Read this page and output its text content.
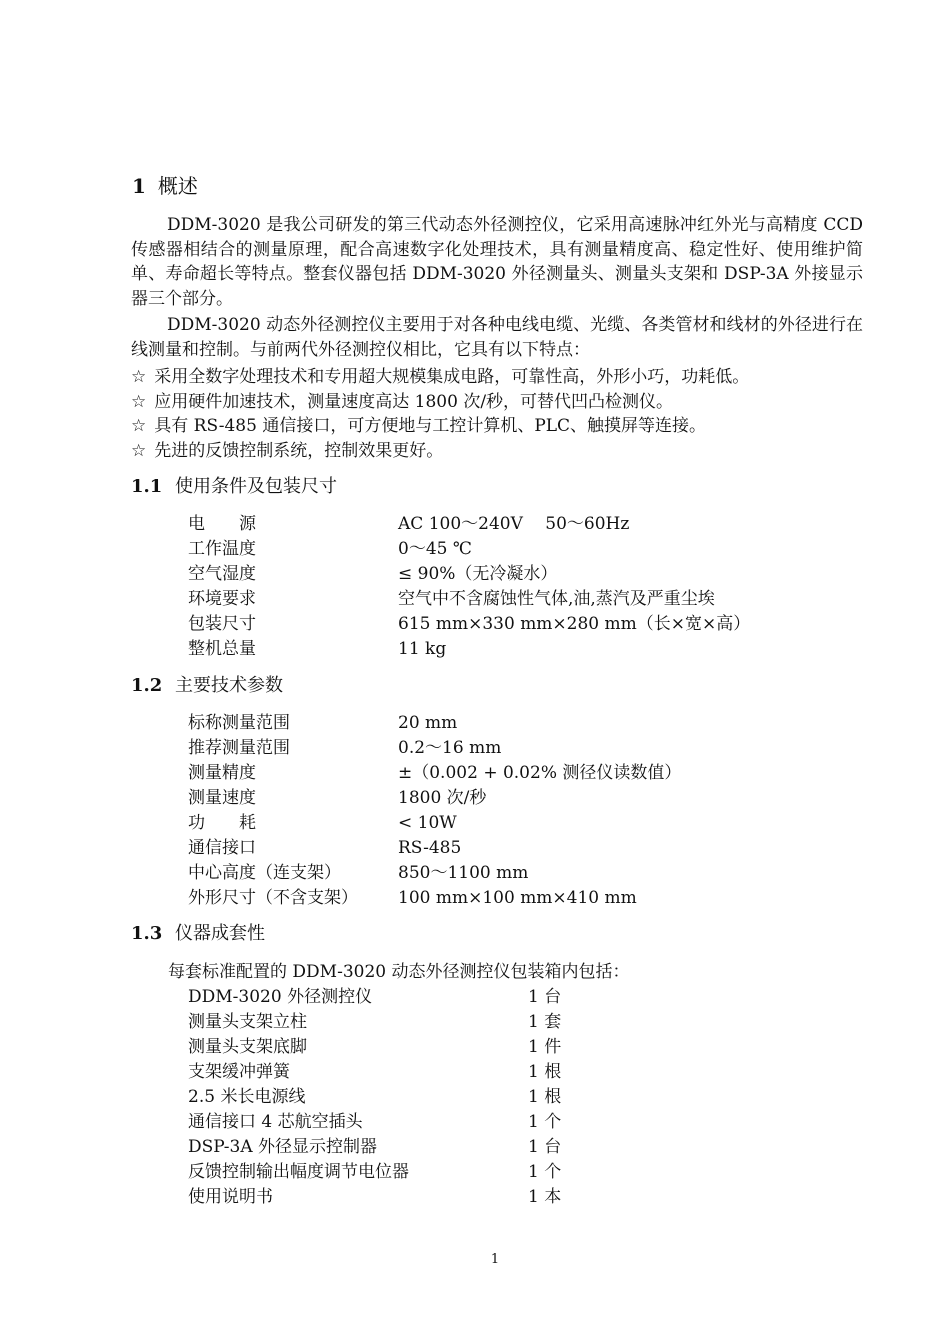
1 概述
DDM-3020 是我公司研发的第三代动态外径测控仪，它采用高速脉冲红外光与高精度 CCD 传感器相结合的测量原理，配合高速数字化处理技术，具有测量精度高、稳定性好、使用维护简单、寿命超长等特点。整套仪器包括 DDM-3020 外径测量头、测量头支架和 DSP-3A 外接显示器三个部分。
DDM-3020 动态外径测控仪主要用于对各种电线电缆、光缆、各类管材和线材的外径进行在线测量和控制。与前两代外径测控仪相比，它具有以下特点：
☆ 采用全数字处理技术和专用超大规模集成电路，可靠性高，外形小巧，功耗低。
☆ 应用硬件加速技术，测量速度高达 1800 次/秒，可替代凹凸检测仪。
☆ 具有 RS-485 通信接口，可方便地与工控计算机、PLC、触摸屏等连接。
☆ 先进的反馈控制系统，控制效果更好。
1.1 使用条件及包装尺寸
电　　源	AC 100～240V　 50～60Hz
工作温度	0～45 ℃
空气湿度	≤ 90%（无冷凝水）
环境要求	空气中不含腐蚀性气体,油,蒸汽及严重尘埃
包装尺寸	615 mm×330 mm×280 mm（长×宽×高）
整机总量	11 kg
1.2 主要技术参数
标称测量范围	20 mm
推荐测量范围	0.2～16 mm
测量精度	±（0.002 + 0.02% 测径仪读数值）
测量速度	1800 次/秒
功　　耗	< 10W
通信接口	RS-485
中心高度（连支架）	850～1100 mm
外形尺寸（不含支架） 100 mm×100 mm×410 mm
1.3 仪器成套性
每套标准配置的 DDM-3020 动态外径测控仪包装箱内包括：
DDM-3020 外径测控仪	1 台
测量头支架立柱	1 套
测量头支架底脚	1 件
支架缓冲弹簧	1 根
2.5 米长电源线	1 根
通信接口 4 芯航空插头	1 个
DSP-3A 外径显示控制器	1 台
反馈控制输出幅度调节电位器	1 个
使用说明书	1 本
1
